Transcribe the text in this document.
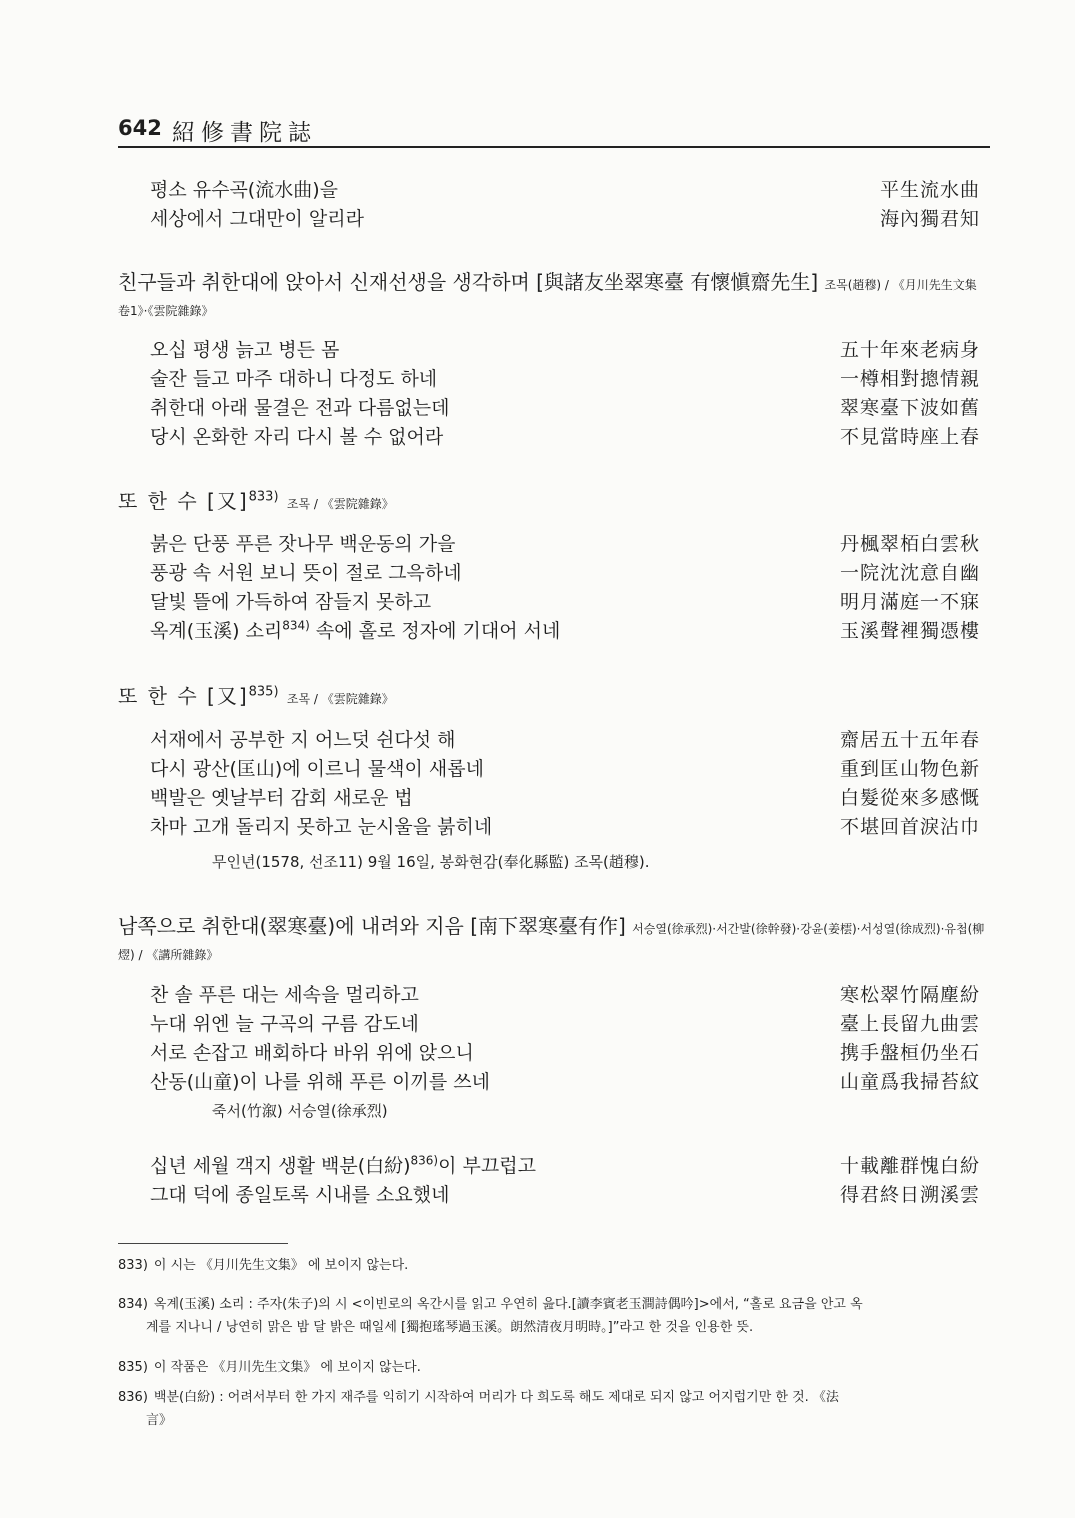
642 紹修書院誌
평소 유수곡(流水曲)을	平生流水曲
세상에서 그대만이 알리라	海內獨君知
친구들과 취한대에 앉아서 신재선생을 생각하며 [與諸友坐翠寒臺 有懷愼齋先生] 조목(趙穆) / 《月川先生文集
卷1》·《雲院雜錄》
오십 평생 늙고 병든 몸	五十年來老病身
술잔 들고 마주 대하니 다정도 하네	一樽相對摠情親
취한대 아래 물결은 전과 다름없는데	翠寒臺下波如舊
당시 온화한 자리 다시 볼 수 없어라	不見當時座上春
또 한 수 [又]$^{833)}$ 조목 / 《雲院雜錄》
붉은 단풍 푸른 잣나무 백운동의 가을	丹楓翠栢白雲秋
풍광 속 서원 보니 뜻이 절로 그윽하네	一院沈沈意自幽
달빛 뜰에 가득하여 잠들지 못하고	明月滿庭一不寐
옥계(玉溪) 소리$^{834)}$ 속에 홀로 정자에 기대어 서네	玉溪聲裡獨憑樓
또 한 수 [又]$^{835)}$ 조목 / 《雲院雜錄》
서재에서 공부한 지 어느덧 쉰다섯 해	齋居五十五年春
다시 광산(匡山)에 이르니 물색이 새롭네	重到匡山物色新
백발은 옛날부터 감회 새로운 법	白髮從來多感慨
차마 고개 돌리지 못하고 눈시울을 붉히네	不堪回首淚沾巾
무인년(1578, 선조11) 9월 16일, 봉화현감(奉化縣監) 조목(趙穆).
남쪽으로 취한대(翠寒臺)에 내려와 지음 [南下翠寒臺有作] 서승열(徐承烈)·서간발(徐幹發)·강윤(姜橒)·서성열(徐成烈)·유첩(柳
熤) / 《講所雜錄》
찬 솔 푸른 대는 세속을 멀리하고	寒松翠竹隔塵紛
누대 위엔 늘 구곡의 구름 감도네	臺上長留九曲雲
서로 손잡고 배회하다 바위 위에 앉으니	携手盤桓仍坐石
산동(山童)이 나를 위해 푸른 이끼를 쓰네	山童爲我掃苔紋
죽서(竹溆) 서승열(徐承烈)
십년 세월 객지 생활 백분(白紛)$^{836)}$이 부끄럽고	十載離群愧白紛
그대 덕에 종일토록 시내를 소요했네	得君終日溯溪雲
833) 이 시는 《月川先生文集》 에 보이지 않는다.
834) 옥계(玉溪) 소리 : 주자(朱子)의 시 <이빈로의 옥간시를 읽고 우연히 읊다.[讀李賓老玉澗詩偶吟]>에서, “홀로 요금을 안고 옥
계를 지나니 / 낭연히 맑은 밤 달 밝은 때일세 [獨抱瑤琴過玉溪。朗然清夜月明時。]”라고 한 것을 인용한 뜻.
835) 이 작품은 《月川先生文集》 에 보이지 않는다.
836) 백분(白紛) : 어려서부터 한 가지 재주를 익히기 시작하여 머리가 다 희도록 해도 제대로 되지 않고 어지럽기만 한 것. 《法
言》
